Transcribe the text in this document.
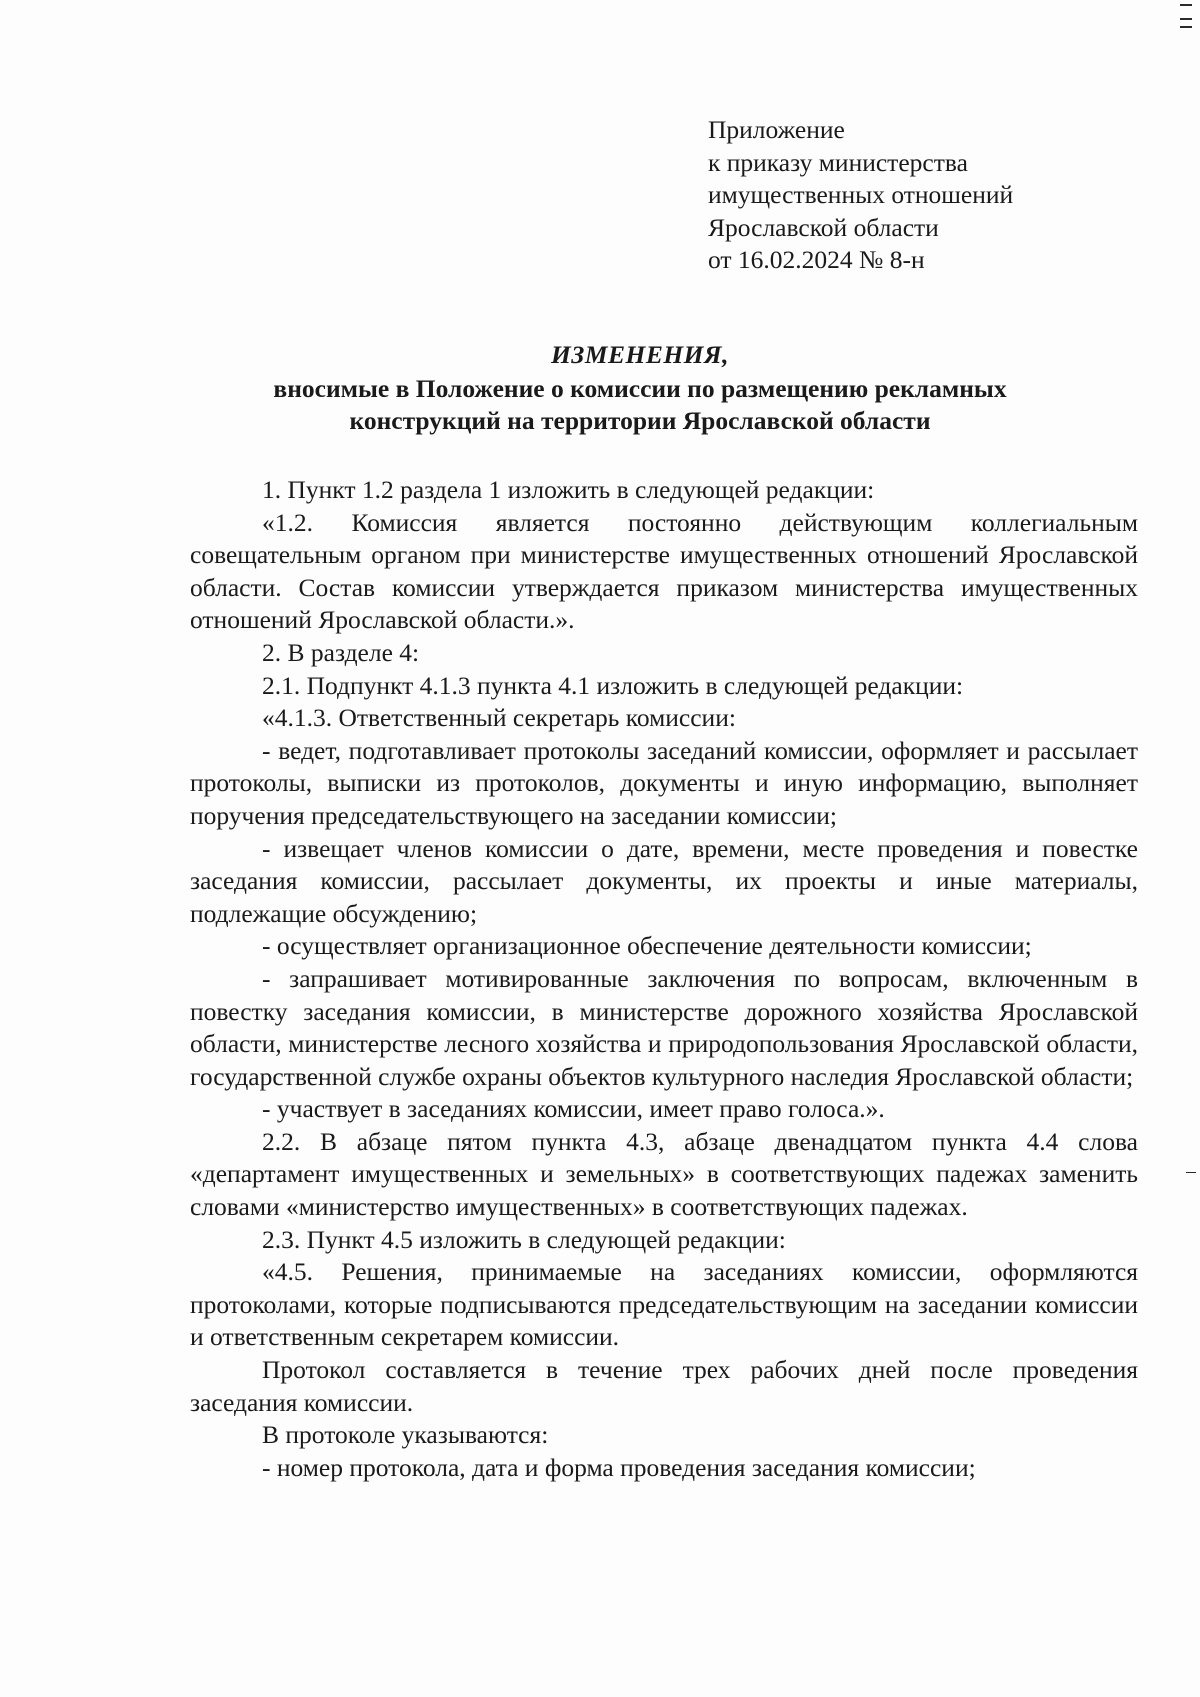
Приложение
к приказу министерства
имущественных отношений
Ярославской области
от 16.02.2024 № 8-н
ИЗМЕНЕНИЯ,
вносимые в Положение о комиссии по размещению рекламных
конструкций на территории Ярославской области

1. Пункт 1.2 раздела 1 изложить в следующей редакции:

«1.2. Комиссия является постоянно действующим коллегиальным совещательным органом при министерстве имущественных отношений Ярославской области. Состав комиссии утверждается приказом министерства имущественных отношений Ярославской области.».

2. В разделе 4:

2.1. Подпункт 4.1.3 пункта 4.1 изложить в следующей редакции:

«4.1.3. Ответственный секретарь комиссии:

- ведет, подготавливает протоколы заседаний комиссии, оформляет и рассылает протоколы, выписки из протоколов, документы и иную информацию, выполняет поручения председательствующего на заседании комиссии;

- извещает членов комиссии о дате, времени, месте проведения и повестке заседания комиссии, рассылает документы, их проекты и иные материалы, подлежащие обсуждению;

- осуществляет организационное обеспечение деятельности комиссии;

- запрашивает мотивированные заключения по вопросам, включенным в повестку заседания комиссии, в министерстве дорожного хозяйства Ярославской области, министерстве лесного хозяйства и природопользования Ярославской области, государственной службе охраны объектов культурного наследия Ярославской области;

- участвует в заседаниях комиссии, имеет право голоса.».

2.2. В абзаце пятом пункта 4.3, абзаце двенадцатом пункта 4.4 слова «департамент имущественных и земельных» в соответствующих падежах заменить словами «министерство имущественных» в соответствующих падежах.

2.3. Пункт 4.5 изложить в следующей редакции:

«4.5. Решения, принимаемые на заседаниях комиссии, оформляются протоколами, которые подписываются председательствующим на заседании комиссии и ответственным секретарем комиссии.

Протокол составляется в течение трех рабочих дней после проведения заседания комиссии.

В протоколе указываются:

- номер протокола, дата и форма проведения заседания комиссии;
